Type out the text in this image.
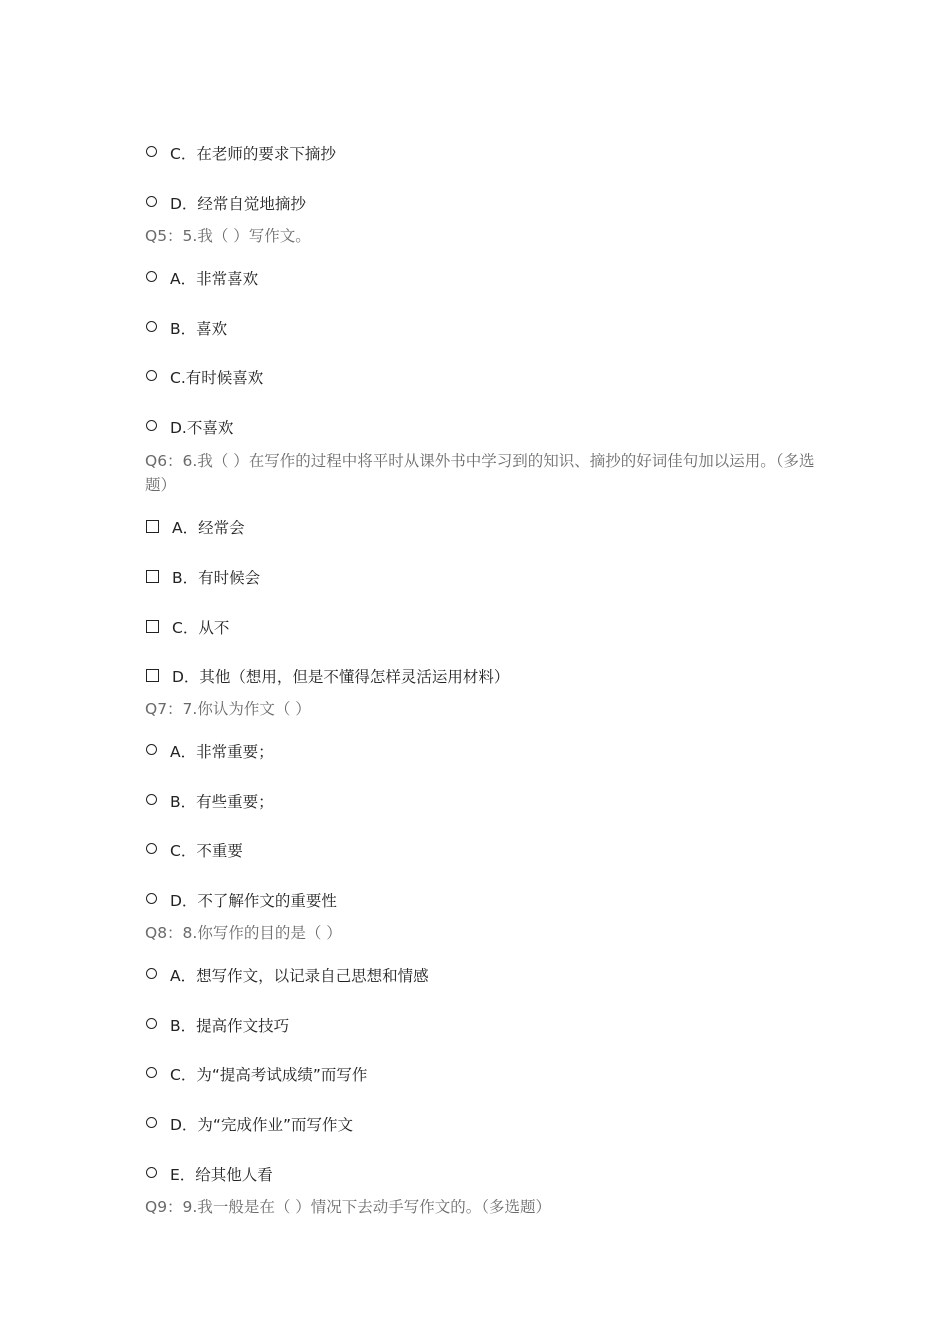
C．在老师的要求下摘抄
D．经常自觉地摘抄
Q5：5.我（ ）写作文。
A．非常喜欢
B．喜欢
C.有时候喜欢
D.不喜欢
Q6：6.我（ ）在写作的过程中将平时从课外书中学习到的知识、摘抄的好词佳句加以运用。（多选题）
A．经常会
B．有时候会
C．从不
D．其他（想用，但是不懂得怎样灵活运用材料）
Q7：7.你认为作文（ ）
A．非常重要；
B．有些重要；
C．不重要
D．不了解作文的重要性
Q8：8.你写作的目的是（ ）
A．想写作文，以记录自己思想和情感
B．提高作文技巧
C．为“提高考试成绩”而写作
D．为“完成作业”而写作文
E．给其他人看
Q9：9.我一般是在（ ）情况下去动手写作文的。（多选题）
